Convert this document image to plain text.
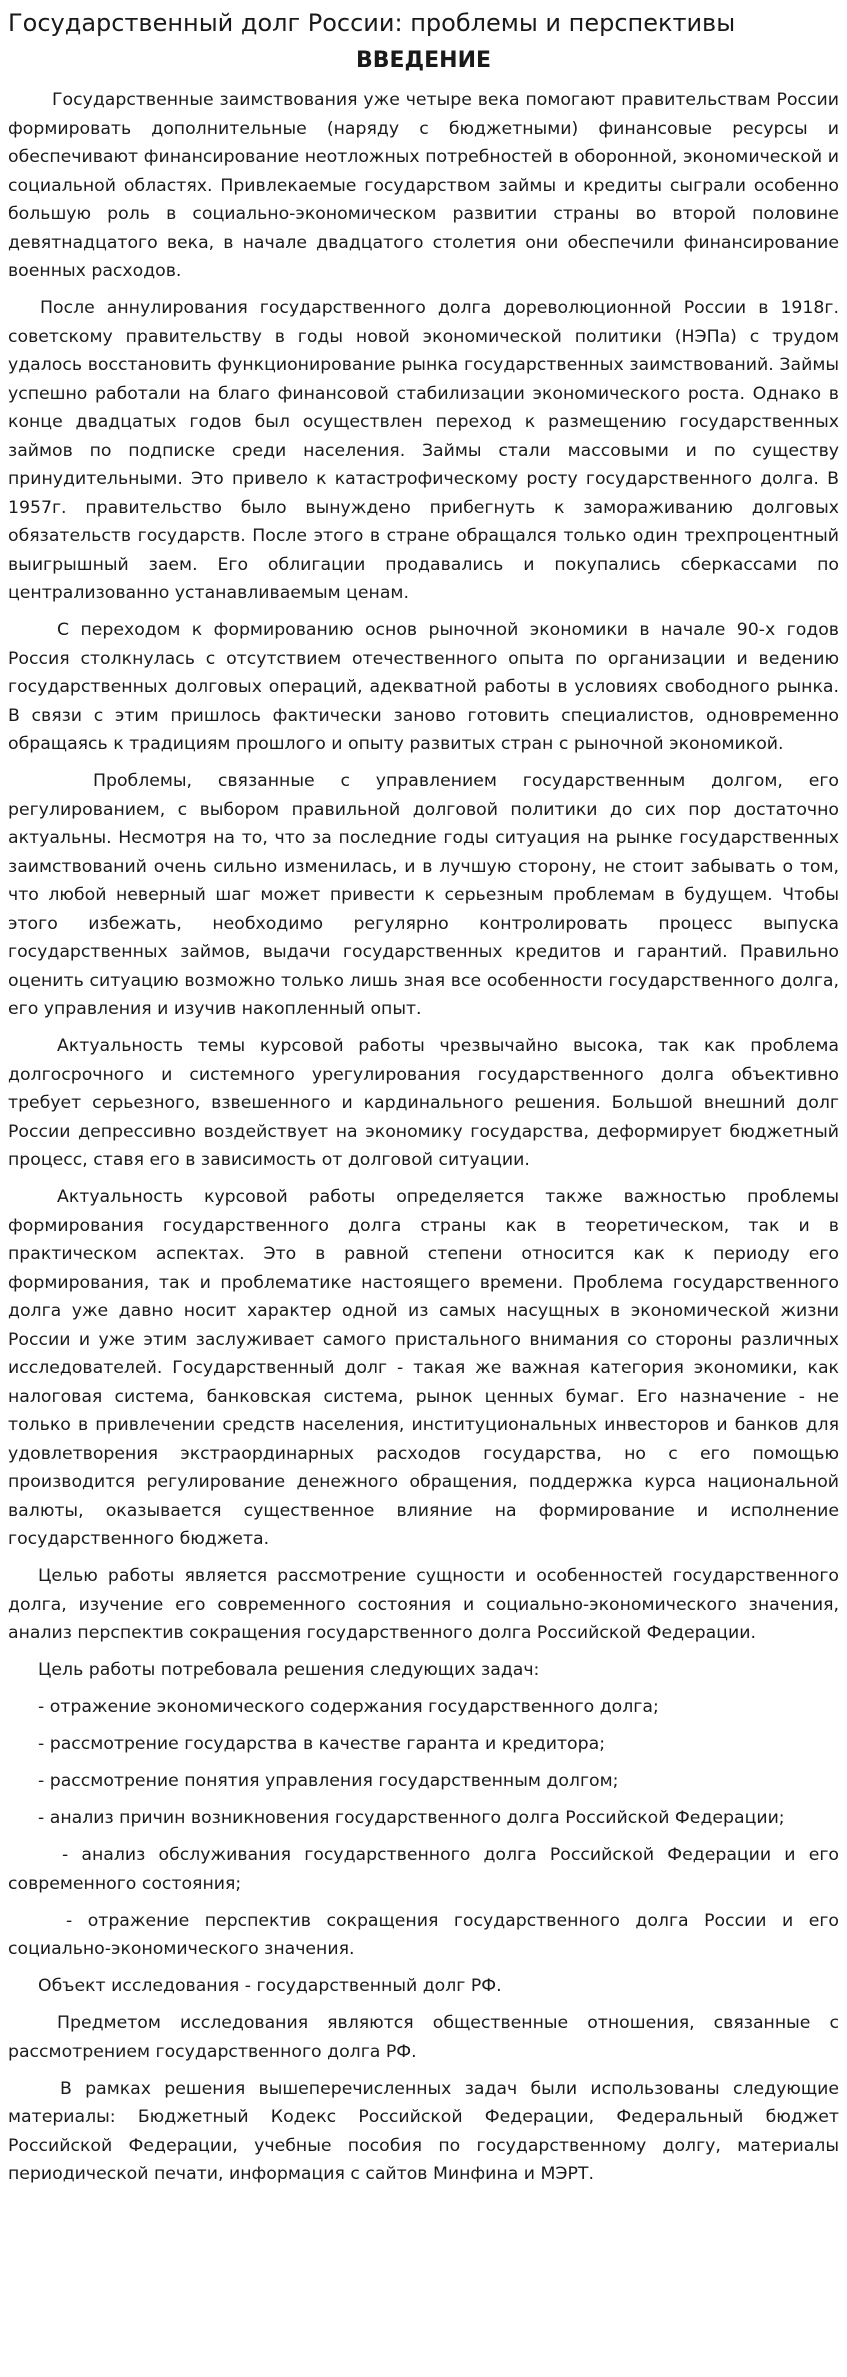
Государственный долг России: проблемы и перспективы
ВВЕДЕНИЕ

Государственные заимствования уже четыре века помогают правительствам России формировать дополнительные (наряду с бюджетными) финансовые ресурсы и обеспечивают финансирование неотложных потребностей в оборонной, экономической и социальной областях. Привлекаемые государством займы и кредиты сыграли особенно большую роль в социально-экономическом развитии страны во второй половине девятнадцатого века, в начале двадцатого столетия они обеспечили финансирование военных расходов.

После аннулирования государственного долга дореволюционной России в 1918г. советскому правительству в годы новой экономической политики (НЭПа) с трудом удалось восстановить функционирование рынка государственных заимствований. Займы успешно работали на благо финансовой стабилизации экономического роста. Однако в конце двадцатых годов был осуществлен переход к размещению государственных займов по подписке среди населения. Займы стали массовыми и по существу принудительными. Это привело к катастрофическому росту государственного долга. В 1957г. правительство было вынуждено прибегнуть к замораживанию долговых обязательств государств. После этого в стране обращался только один трехпроцентный выигрышный заем. Его облигации продавались и покупались сберкассами по централизованно устанавливаемым ценам.

С переходом к формированию основ рыночной экономики в начале 90-х годов Россия столкнулась с отсутствием отечественного опыта по организации и ведению государственных долговых операций, адекватной работы в условиях свободного рынка. В связи с этим пришлось фактически заново готовить специалистов, одновременно обращаясь к традициям прошлого и опыту развитых стран с рыночной экономикой.

Проблемы, связанные с управлением государственным долгом, его регулированием, с выбором правильной долговой политики до сих пор достаточно актуальны. Несмотря на то, что за последние годы ситуация на рынке государственных заимствований очень сильно изменилась, и в лучшую сторону, не стоит забывать о том, что любой неверный шаг может привести к серьезным проблемам в будущем. Чтобы этого избежать, необходимо регулярно контролировать процесс выпуска государственных займов, выдачи государственных кредитов и гарантий. Правильно оценить ситуацию возможно только лишь зная все особенности государственного долга, его управления и изучив накопленный опыт.

Актуальность темы курсовой работы чрезвычайно высока, так как проблема долгосрочного и системного урегулирования государственного долга объективно требует серьезного, взвешенного и кардинального решения. Большой внешний долг России депрессивно воздействует на экономику государства, деформирует бюджетный процесс, ставя его в зависимость от долговой ситуации.

Актуальность курсовой работы определяется также важностью проблемы формирования государственного долга страны как в теоретическом, так и в практическом аспектах. Это в равной степени относится как к периоду его формирования, так и проблематике настоящего времени. Проблема государственного долга уже давно носит характер одной из самых насущных в экономической жизни России и уже этим заслуживает самого пристального внимания со стороны различных исследователей. Государственный долг - такая же важная категория экономики, как налоговая система, банковская система, рынок ценных бумаг. Его назначение - не только в привлечении средств населения, институциональных инвесторов и банков для удовлетворения экстраординарных расходов государства, но с его помощью производится регулирование денежного обращения, поддержка курса национальной валюты, оказывается существенное влияние на формирование и исполнение государственного бюджета.

Целью работы является рассмотрение сущности и особенностей государственного долга, изучение его современного состояния и социально-экономического значения, анализ перспектив сокращения государственного долга Российской Федерации.

Цель работы потребовала решения следующих задач:

- отражение экономического содержания государственного долга;

- рассмотрение государства в качестве гаранта и кредитора;

- рассмотрение понятия управления государственным долгом;

- анализ причин возникновения государственного долга Российской Федерации;

- анализ обслуживания государственного долга Российской Федерации и его современного состояния;

- отражение перспектив сокращения государственного долга России и его социально-экономического значения.

Объект исследования - государственный долг РФ.

Предметом исследования являются общественные отношения, связанные с рассмотрением государственного долга РФ.

В рамках решения вышеперечисленных задач были использованы следующие материалы: Бюджетный Кодекс Российской Федерации, Федеральный бюджет Российской Федерации, учебные пособия по государственному долгу, материалы периодической печати, информация с сайтов Минфина и МЭРТ.
